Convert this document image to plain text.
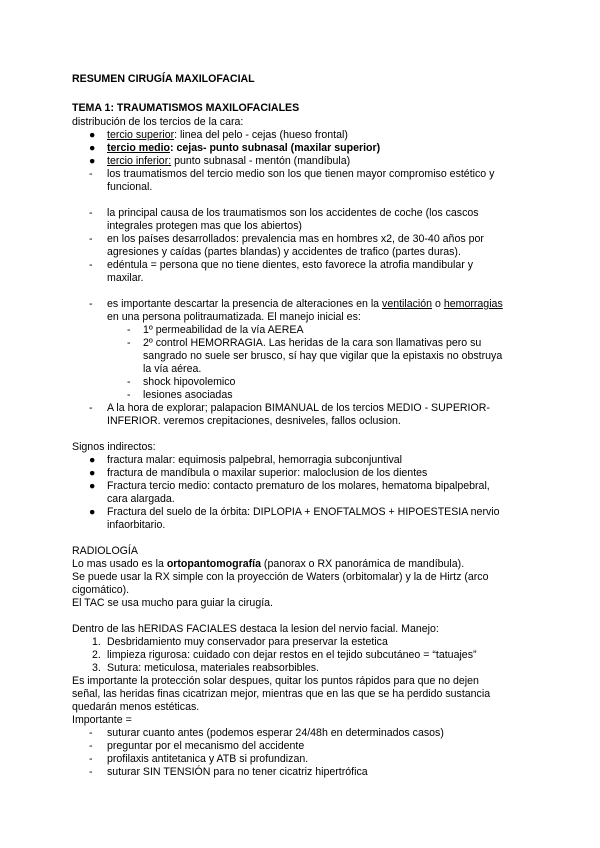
RESUMEN CIRUGÍA MAXILOFACIAL
TEMA 1: TRAUMATISMOS MAXILOFACIALES
distribución de los tercios de la cara:
● tercio superior: linea del pelo - cejas (hueso frontal)
● tercio medio: cejas- punto subnasal (maxilar superior)
● tercio inferior: punto subnasal - mentón (mandíbula)
- los traumatismos del tercio medio son los que tienen mayor compromiso estético y
funcional.
- la principal causa de los traumatismos son los accidentes de coche (los cascos
integrales protegen mas que los abiertos)
- en los países desarrollados: prevalencia mas en hombres x2, de 30-40 años por
agresiones y caídas (partes blandas) y accidentes de trafico (partes duras).
- edéntula = persona que no tiene dientes, esto favorece la atrofia mandibular y
maxilar.
- es importante descartar la presencia de alteraciones en la ventilación o hemorragias
en una persona politraumatizada. El manejo inicial es:
- 1º permeabilidad de la vía AEREA
- 2º control HEMORRAGIA. Las heridas de la cara son llamativas pero su
sangrado no suele ser brusco, sí hay que vigilar que la epistaxis no obstruya
la vía aérea.
- shock hipovolemico
- lesiones asociadas
- A la hora de explorar; palapacion BIMANUAL de los tercios MEDIO - SUPERIOR-
INFERIOR. veremos crepitaciones, desniveles, fallos oclusion.
Signos indirectos:
● fractura malar: equimosis palpebral, hemorragia subconjuntival
● fractura de mandíbula o maxilar superior: maloclusion de los dientes
● Fractura tercio medio: contacto prematuro de los molares, hematoma bipalpebral,
cara alargada.
● Fractura del suelo de la órbita: DIPLOPIA + ENOFTALMOS + HIPOESTESIA nervio
infaorbitario.
RADIOLOGÍA
Lo mas usado es la ortopantomografía (panorax o RX panorámica de mandíbula).
Se puede usar la RX simple con la proyección de Waters (orbitomalar) y la de Hirtz (arco
cigomático).
El TAC se usa mucho para guiar la cirugía.
Dentro de las hERIDAS FACIALES destaca la lesion del nervio facial. Manejo:
1. Desbridamiento muy conservador para preservar la estetica
2. limpieza rigurosa: cuidado con dejar restos en el tejido subcutáneo = “tatuajes”
3. Sutura: meticulosa, materiales reabsorbibles.
Es importante la protección solar despues, quitar los puntos rápidos para que no dejen
señal, las heridas finas cicatrizan mejor, mientras que en las que se ha perdido sustancia
quedarán menos estéticas.
Importante =
- suturar cuanto antes (podemos esperar 24/48h en determinados casos)
- preguntar por el mecanismo del accidente
- profilaxis antitetanica y ATB si profundizan.
- suturar SIN TENSIÓN para no tener cicatriz hipertrófica
